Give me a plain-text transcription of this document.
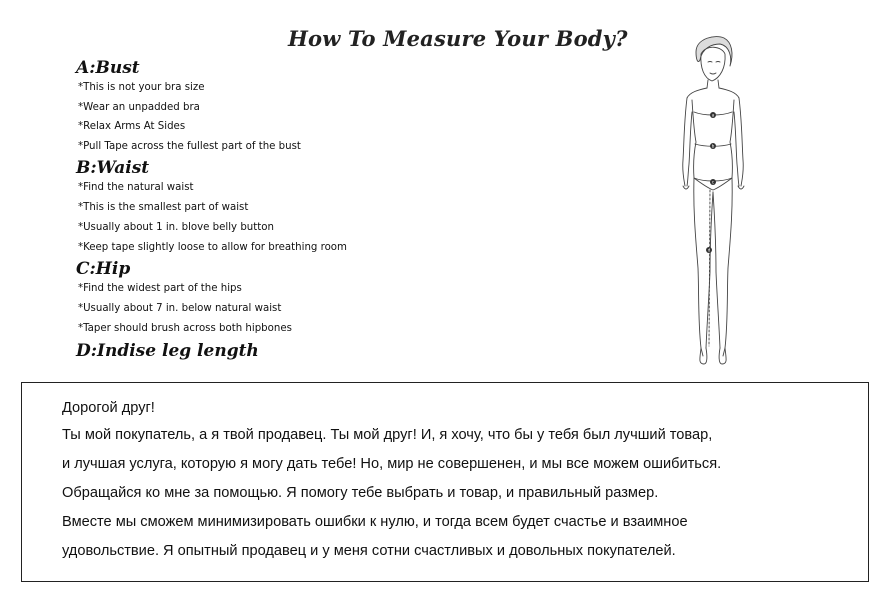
How To Measure Your Body?
A:Bust
*This is not your bra size
*Wear an unpadded bra
*Relax Arms At Sides
*Pull Tape across the fullest part of the bust
B:Waist
*Find the natural waist
*This is the smallest part of waist
*Usually about 1 in. blove belly button
*Keep tape slightly loose to allow for breathing room
C:Hip
*Find the widest part of the hips
*Usually about 7 in. below natural waist
*Taper should brush across both hipbones
D:Indise leg length
a
b
c
d
Дорогой друг!
Ты мой покупатель, а я твой продавец. Ты мой друг! И, я хочу, что бы у тебя был лучший товар,
и лучшая услуга, которую я могу дать тебе! Но, мир не совершенен, и мы все можем ошибиться.
Обращайся ко мне за помощью. Я помогу тебе выбрать и товар, и правильный размер.
Вместе мы сможем минимизировать ошибки к нулю, и тогда всем будет счастье и взаимное
удовольствие. Я опытный продавец и у меня сотни счастливых и довольных покупателей.
